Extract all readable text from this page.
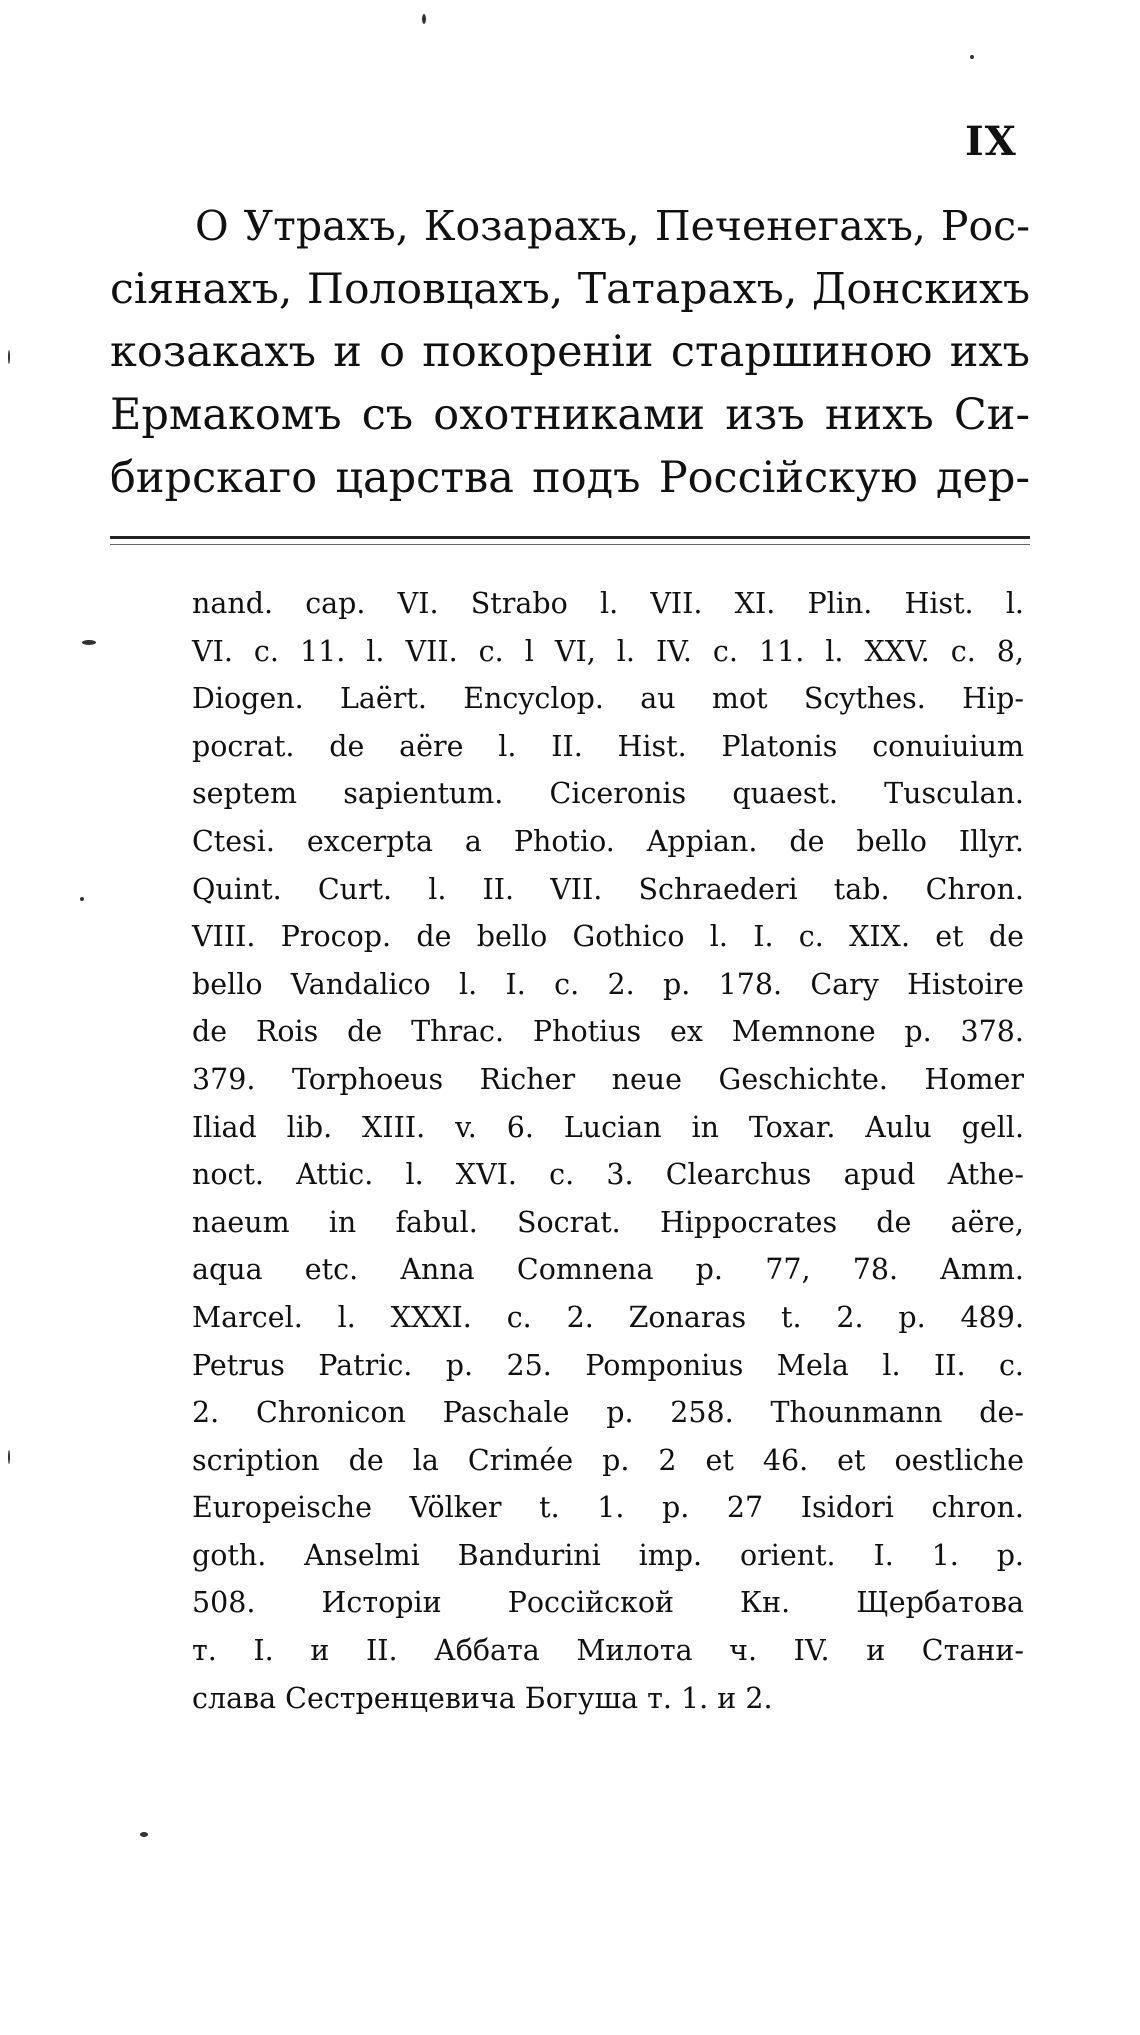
IX
О Утрахъ, Козарахъ, Печенегахъ, Рос-
сіянахъ, Половцахъ, Татарахъ, Донскихъ
козакахъ и о покореніи старшиною ихъ
Ермакомъ съ охотниками изъ нихъ Си-
бирскаго царства подъ Россійскую дер-
nand. cap. VI. Strabo l. VII. XI. Plin. Hist. l.
VI. c. 11. l. VII. c. l VI, l. IV. c. 11. l. XXV. c. 8,
Diogen. Laërt. Encyclop. au mot Scythes. Hip-
pocrat. de aëre l. II. Hist. Platonis conuiuium
septem sapientum. Ciceronis quaest. Tusculan.
Ctesi. excerpta a Photio. Appian. de bello Illyr.
Quint. Curt. l. II. VII. Schraederi tab. Chron.
VIII. Procop. de bello Gothico l. I. c. XIX. et de
bello Vandalico l. I. c. 2. p. 178. Cary Histoire
de Rois de Thrac. Photius ex Memnone p. 378.
379. Torphoeus Richer neue Geschichte. Homer
Iliad lib. XIII. v. 6. Lucian in Toxar. Aulu gell.
noct. Attic. l. XVI. c. 3. Clearchus apud Athe-
naeum in fabul. Socrat. Hippocrates de aëre,
aqua etc. Anna Comnena p. 77, 78. Amm.
Marcel. l. XXXI. c. 2. Zonaras t. 2. p. 489.
Petrus Patric. p. 25. Pomponius Mela l. II. c.
2. Chronicon Paschale p. 258. Thounmann de-
scription de la Crimée p. 2 et 46. et oestliche
Europeische Völker t. 1. p. 27 Isidori chron.
goth. Anselmi Bandurini imp. orient. I. 1. p.
508. Исторіи Россійской Кн. Щербатова
т. I. и II. Аббата Милота ч. IV. и Стани-
слава Сестренцевича Богуша т. 1. и 2.
